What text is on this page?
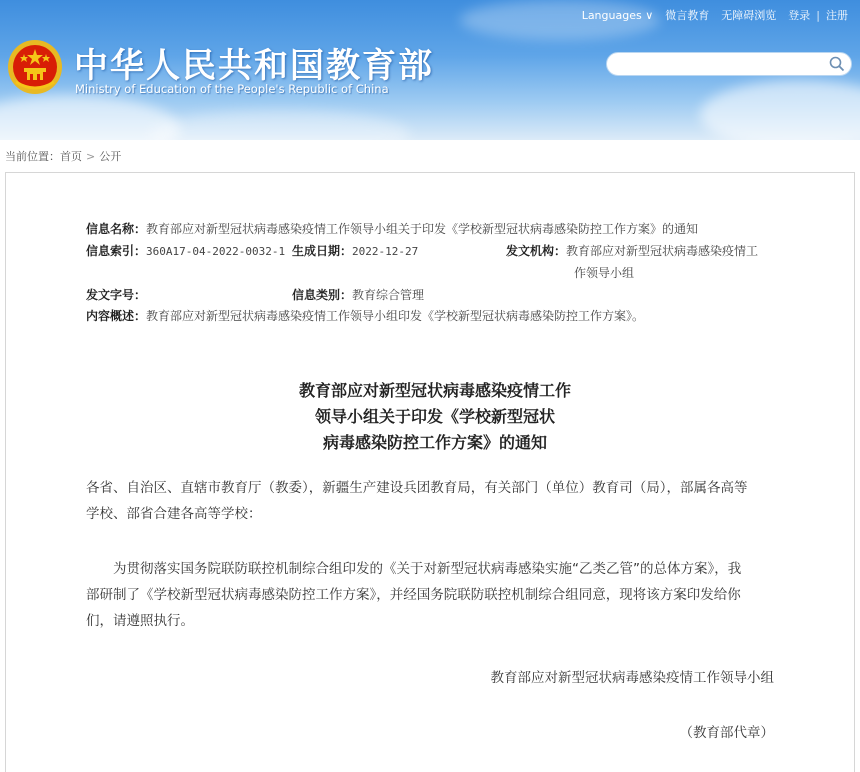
Languages ∨	微言教育	无障碍浏览	登录 | 注册
中华人民共和国教育部
Ministry of Education of the People's Republic of China
当前位置：首页 > 公开
信息名称：教育部应对新型冠状病毒感染疫情工作领导小组关于印发《学校新型冠状病毒感染防控工作方案》的通知
信息索引：360A17-04-2022-0032-1 生成日期：2022-12-27	发文机构：教育部应对新型冠状病毒感染疫情工
作领导小组
发文字号：	信息类别：教育综合管理
内容概述：教育部应对新型冠状病毒感染疫情工作领导小组印发《学校新型冠状病毒感染防控工作方案》。
教育部应对新型冠状病毒感染疫情工作
领导小组关于印发《学校新型冠状
病毒感染防控工作方案》的通知
各省、自治区、直辖市教育厅（教委），新疆生产建设兵团教育局，有关部门（单位）教育司（局），部属各高等
学校、部省合建各高等学校：
为贯彻落实国务院联防联控机制综合组印发的《关于对新型冠状病毒感染实施“乙类乙管”的总体方案》，我
部研制了《学校新型冠状病毒感染防控工作方案》，并经国务院联防联控机制综合组同意，现将该方案印发给你
们，请遵照执行。
教育部应对新型冠状病毒感染疫情工作领导小组
（教育部代章）
